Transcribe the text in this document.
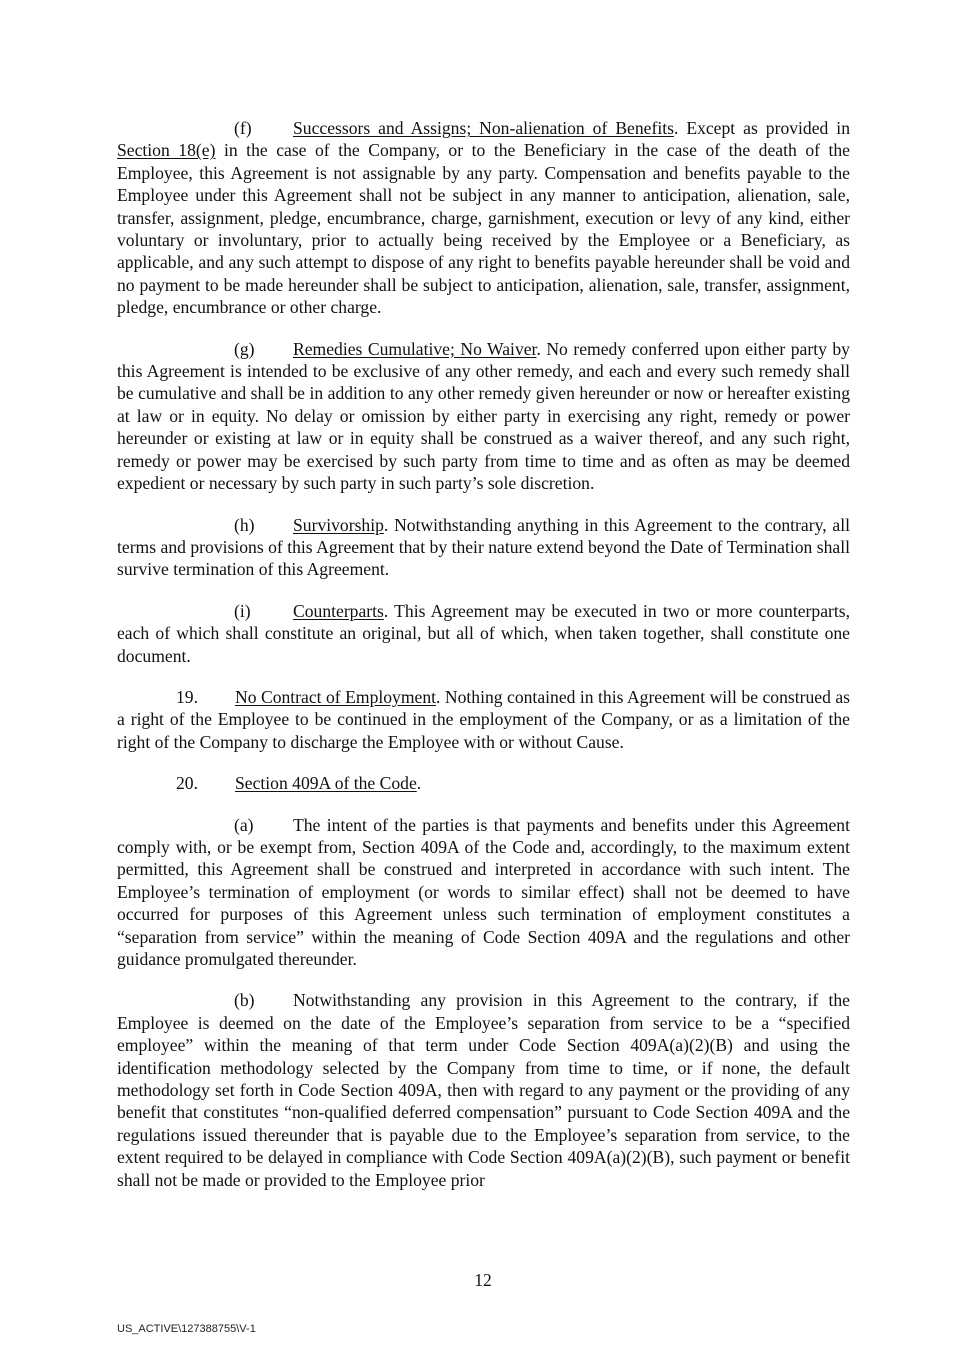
(f) Successors and Assigns; Non-alienation of Benefits. Except as provided in Section 18(e) in the case of the Company, or to the Beneficiary in the case of the death of the Employee, this Agreement is not assignable by any party. Compensation and benefits payable to the Employee under this Agreement shall not be subject in any manner to anticipation, alienation, sale, transfer, assignment, pledge, encumbrance, charge, garnishment, execution or levy of any kind, either voluntary or involuntary, prior to actually being received by the Employee or a Beneficiary, as applicable, and any such attempt to dispose of any right to benefits payable hereunder shall be void and no payment to be made hereunder shall be subject to anticipation, alienation, sale, transfer, assignment, pledge, encumbrance or other charge.

(g) Remedies Cumulative; No Waiver. No remedy conferred upon either party by this Agreement is intended to be exclusive of any other remedy, and each and every such remedy shall be cumulative and shall be in addition to any other remedy given hereunder or now or hereafter existing at law or in equity. No delay or omission by either party in exercising any right, remedy or power hereunder or existing at law or in equity shall be construed as a waiver thereof, and any such right, remedy or power may be exercised by such party from time to time and as often as may be deemed expedient or necessary by such party in such party’s sole discretion.

(h) Survivorship. Notwithstanding anything in this Agreement to the contrary, all terms and provisions of this Agreement that by their nature extend beyond the Date of Termination shall survive termination of this Agreement.

(i) Counterparts. This Agreement may be executed in two or more counterparts, each of which shall constitute an original, but all of which, when taken together, shall constitute one document.

19. No Contract of Employment. Nothing contained in this Agreement will be construed as a right of the Employee to be continued in the employment of the Company, or as a limitation of the right of the Company to discharge the Employee with or without Cause.

20. Section 409A of the Code.

(a) The intent of the parties is that payments and benefits under this Agreement comply with, or be exempt from, Section 409A of the Code and, accordingly, to the maximum extent permitted, this Agreement shall be construed and interpreted in accordance with such intent. The Employee’s termination of employment (or words to similar effect) shall not be deemed to have occurred for purposes of this Agreement unless such termination of employment constitutes a “separation from service” within the meaning of Code Section 409A and the regulations and other guidance promulgated thereunder.

(b) Notwithstanding any provision in this Agreement to the contrary, if the Employee is deemed on the date of the Employee’s separation from service to be a “specified employee” within the meaning of that term under Code Section 409A(a)(2)(B) and using the identification methodology selected by the Company from time to time, or if none, the default methodology set forth in Code Section 409A, then with regard to any payment or the providing of any benefit that constitutes “non-qualified deferred compensation” pursuant to Code Section 409A and the regulations issued thereunder that is payable due to the Employee’s separation from service, to the extent required to be delayed in compliance with Code Section 409A(a)(2)(B), such payment or benefit shall not be made or provided to the Employee prior

12
US_ACTIVE\127388755\V-1
